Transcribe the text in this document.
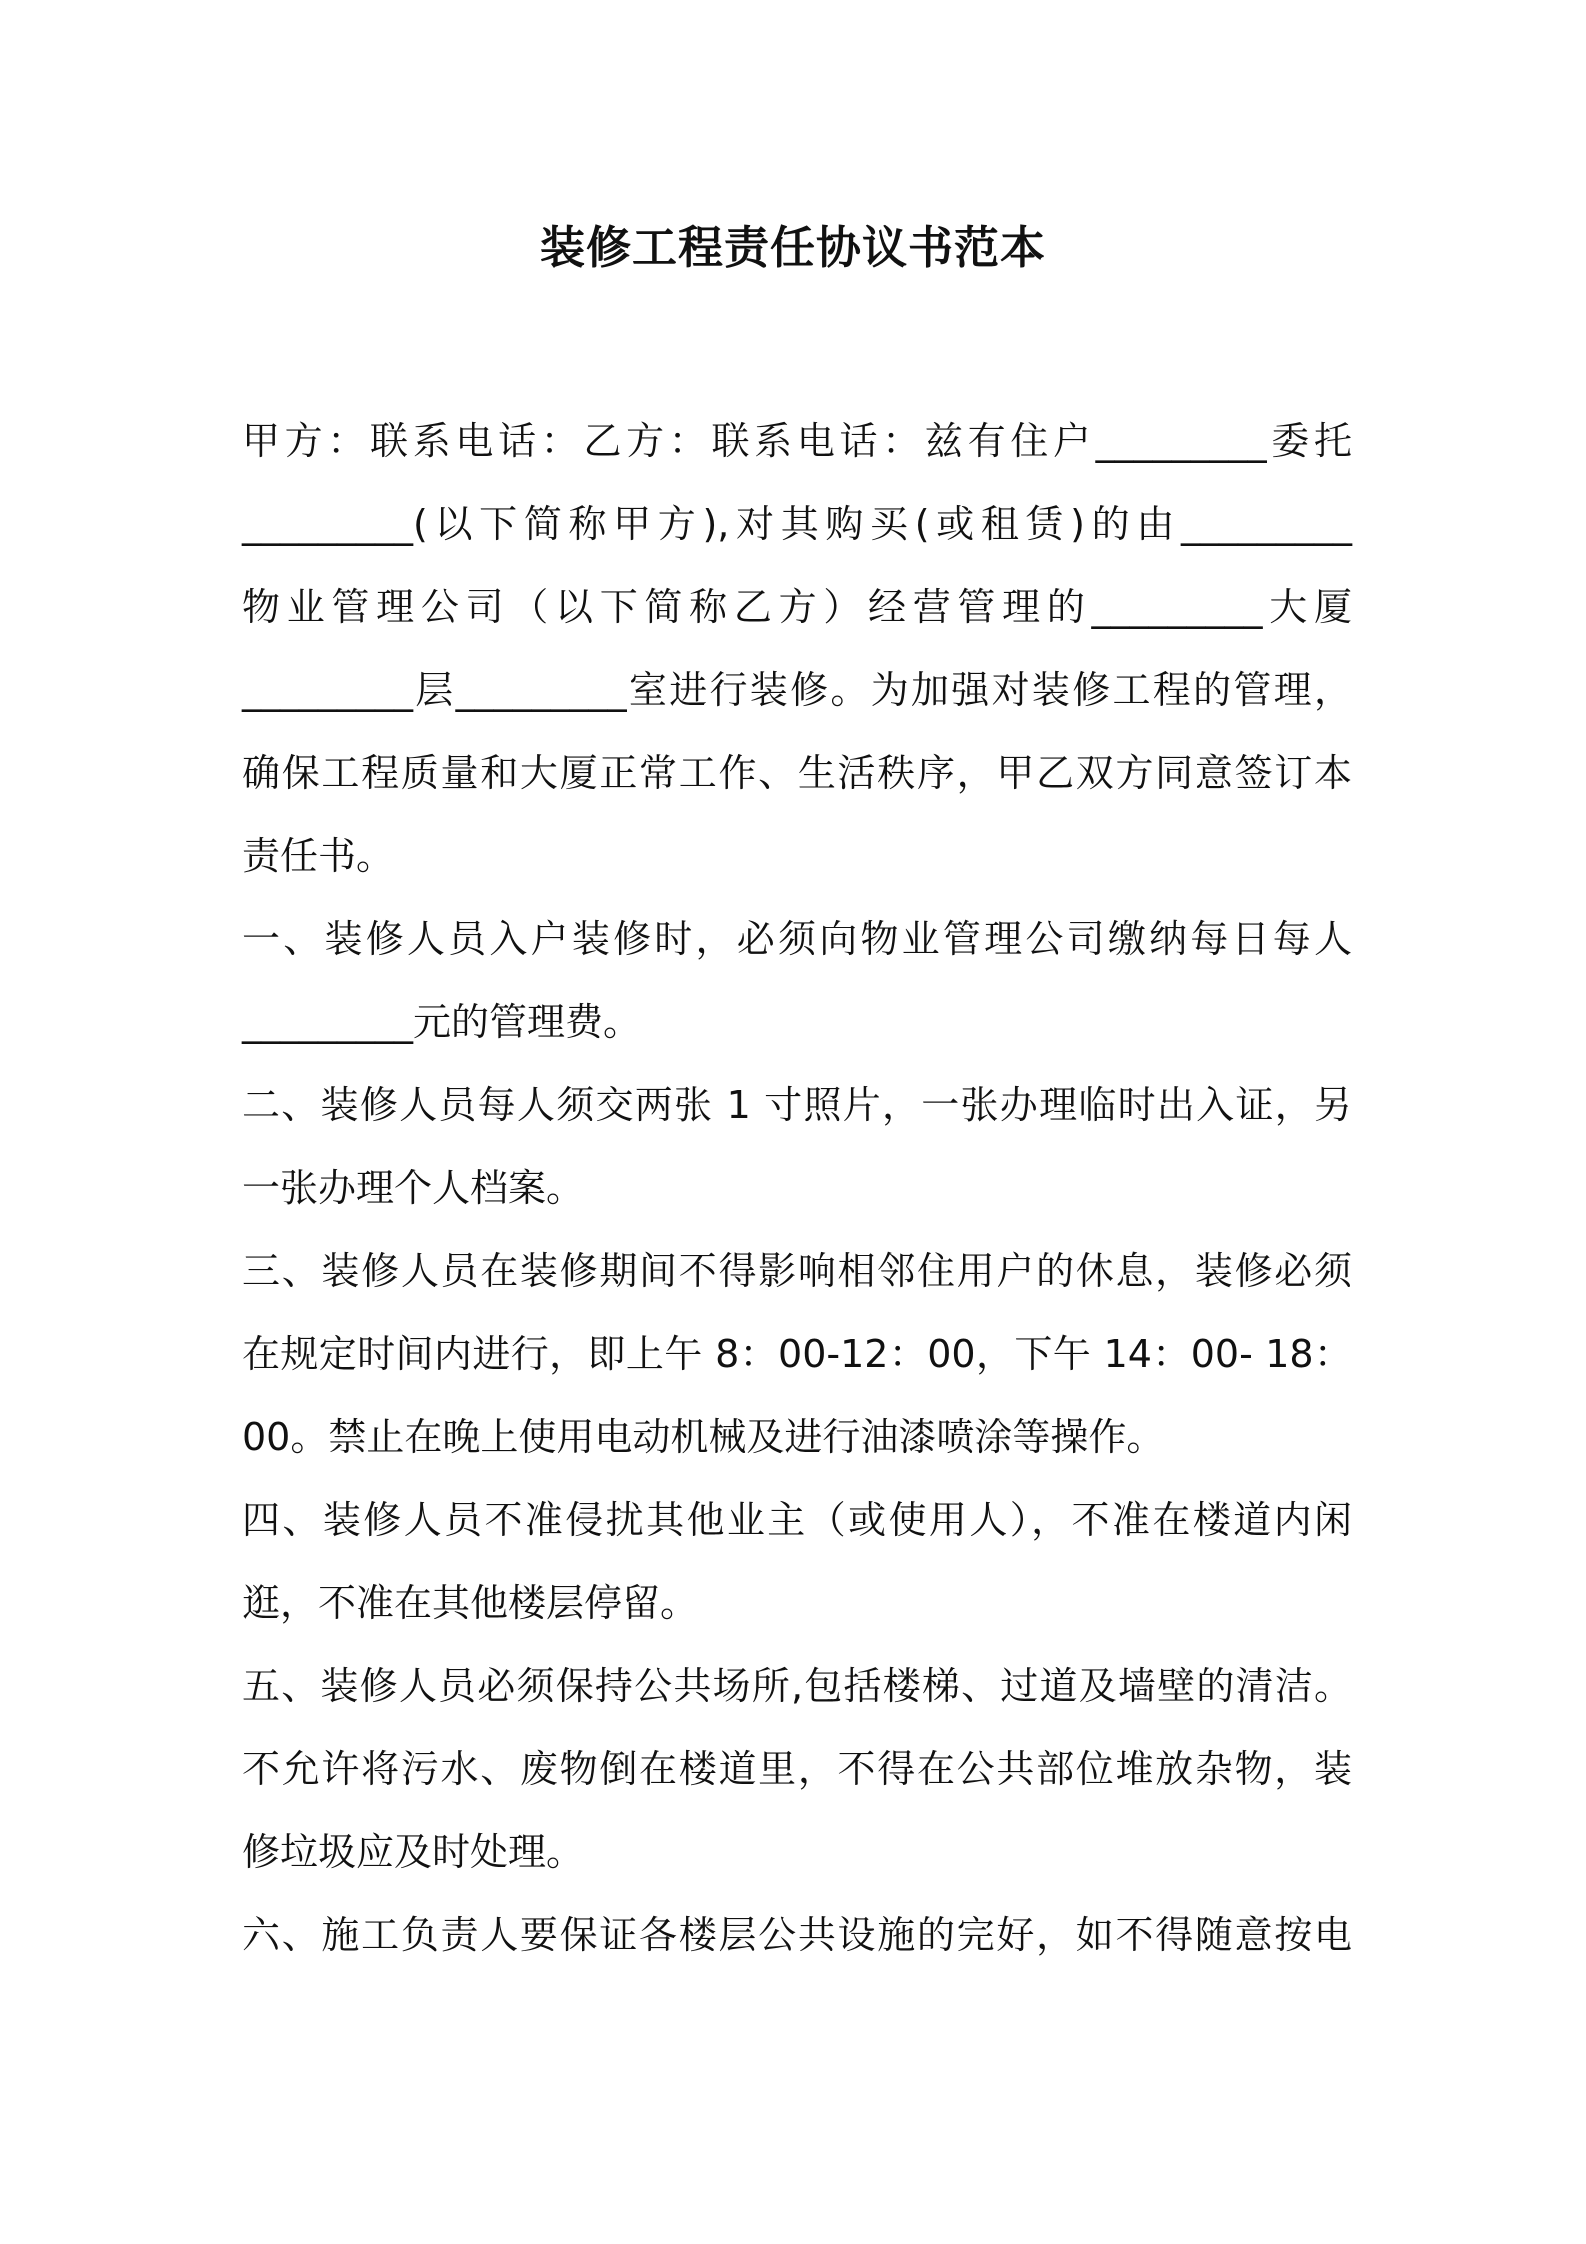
装修工程责任协议书范本
甲方：联系电话：乙方：联系电话：兹有住户_________委托
_________(以下简称甲方),对其购买(或租赁)的由_________
物业管理公司（以下简称乙方）经营管理的_________大厦
_________层_________室进行装修。为加强对装修工程的管理，
确保工程质量和大厦正常工作、生活秩序，甲乙双方同意签订本
责任书。
一、装修人员入户装修时，必须向物业管理公司缴纳每日每人
_________元的管理费。
二、装修人员每人须交两张 1 寸照片，一张办理临时出入证，另
一张办理个人档案。
三、装修人员在装修期间不得影响相邻住用户的休息，装修必须
在规定时间内进行，即上午 8：00-12：00，下午 14：00- 18：
00。禁止在晚上使用电动机械及进行油漆喷涂等操作。
四、装修人员不准侵扰其他业主（或使用人），不准在楼道内闲
逛，不准在其他楼层停留。
五、装修人员必须保持公共场所,包括楼梯、过道及墙壁的清洁。
不允许将污水、废物倒在楼道里，不得在公共部位堆放杂物，装
修垃圾应及时处理。
六、施工负责人要保证各楼层公共设施的完好，如不得随意按电
